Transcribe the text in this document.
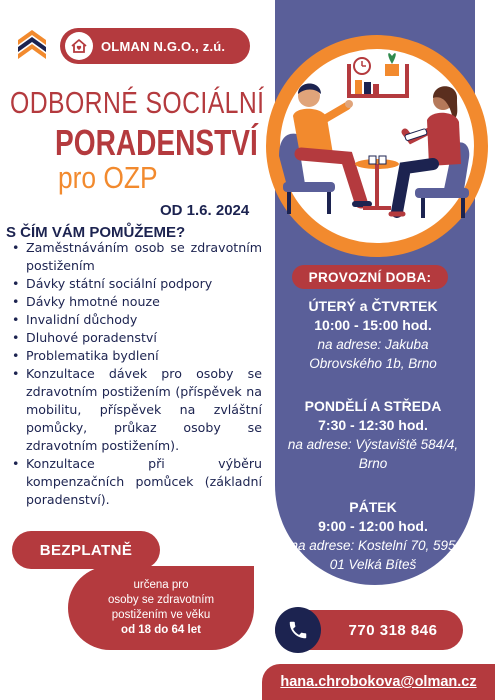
OLMAN N.G.O., z.ú.
ODBORNÉ SOCIÁLNÍ
PORADENSTVÍ
pro OZP
OD 1.6. 2024
S ČÍM VÁM POMŮŽEME?
• Zaměstnáváním osob se zdravotním postižením
• Dávky státní sociální podpory
• Dávky hmotné nouze
• Invalidní důchody
• Dluhové poradenství
• Problematika bydlení
• Konzultace dávek pro osoby se zdravotním postižením (příspěvek na mobilitu, příspěvek na zvláštní pomůcky, průkaz osoby se zdravotním postižením).
• Konzultace při výběru kompenzačních pomůcek (základní poradenství).
PROVOZNÍ DOBA:
ÚTERÝ a ČTVRTEK
10:00 - 15:00 hod.
na adrese: Jakuba Obrovského 1b, Brno
PONDĚLÍ A STŘEDA
7:30 - 12:30 hod.
na adrese: Výstaviště 584/4, Brno
PÁTEK
9:00 - 12:00 hod.
na adrese: Kostelní 70, 595 01 Velká Bíteš
určena pro
osoby se zdravotním
postižením ve věku
od 18 do 64 let
BEZPLATNĚ
770 318 846
hana.chrobokova@olman.cz
